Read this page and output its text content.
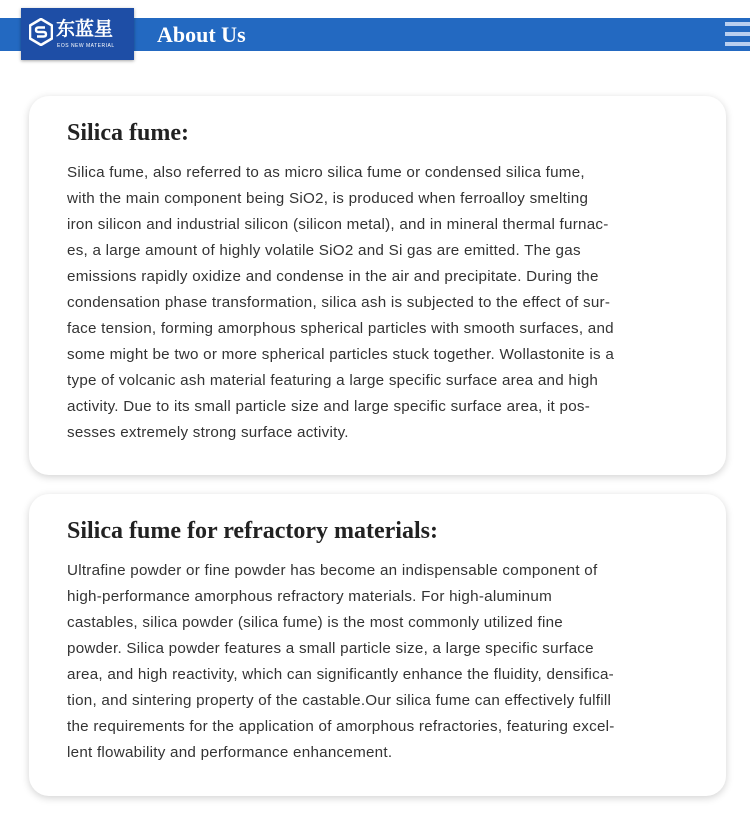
东蓝星
EOS NEW MATERIAL About Us
Silica fume:

Silica fume, also referred to as micro silica fume or condensed silica fume,
with the main component being SiO2, is produced when ferroalloy smelting
iron silicon and industrial silicon (silicon metal), and in mineral thermal furnac-
es, a large amount of highly volatile SiO2 and Si gas are emitted. The gas
emissions rapidly oxidize and condense in the air and precipitate. During the
condensation phase transformation, silica ash is subjected to the effect of sur-
face tension, forming amorphous spherical particles with smooth surfaces, and
some might be two or more spherical particles stuck together. Wollastonite is a
type of volcanic ash material featuring a large specific surface area and high
activity. Due to its small particle size and large specific surface area, it pos-
sesses extremely strong surface activity.

Silica fume for refractory materials:

Ultrafine powder or fine powder has become an indispensable component of
high-performance amorphous refractory materials. For high-aluminum
castables, silica powder (silica fume) is the most commonly utilized fine
powder. Silica powder features a small particle size, a large specific surface
area, and high reactivity, which can significantly enhance the fluidity, densifica-
tion, and sintering property of the castable.Our silica fume can effectively fulfill
the requirements for the application of amorphous refractories, featuring excel-
lent flowability and performance enhancement.
